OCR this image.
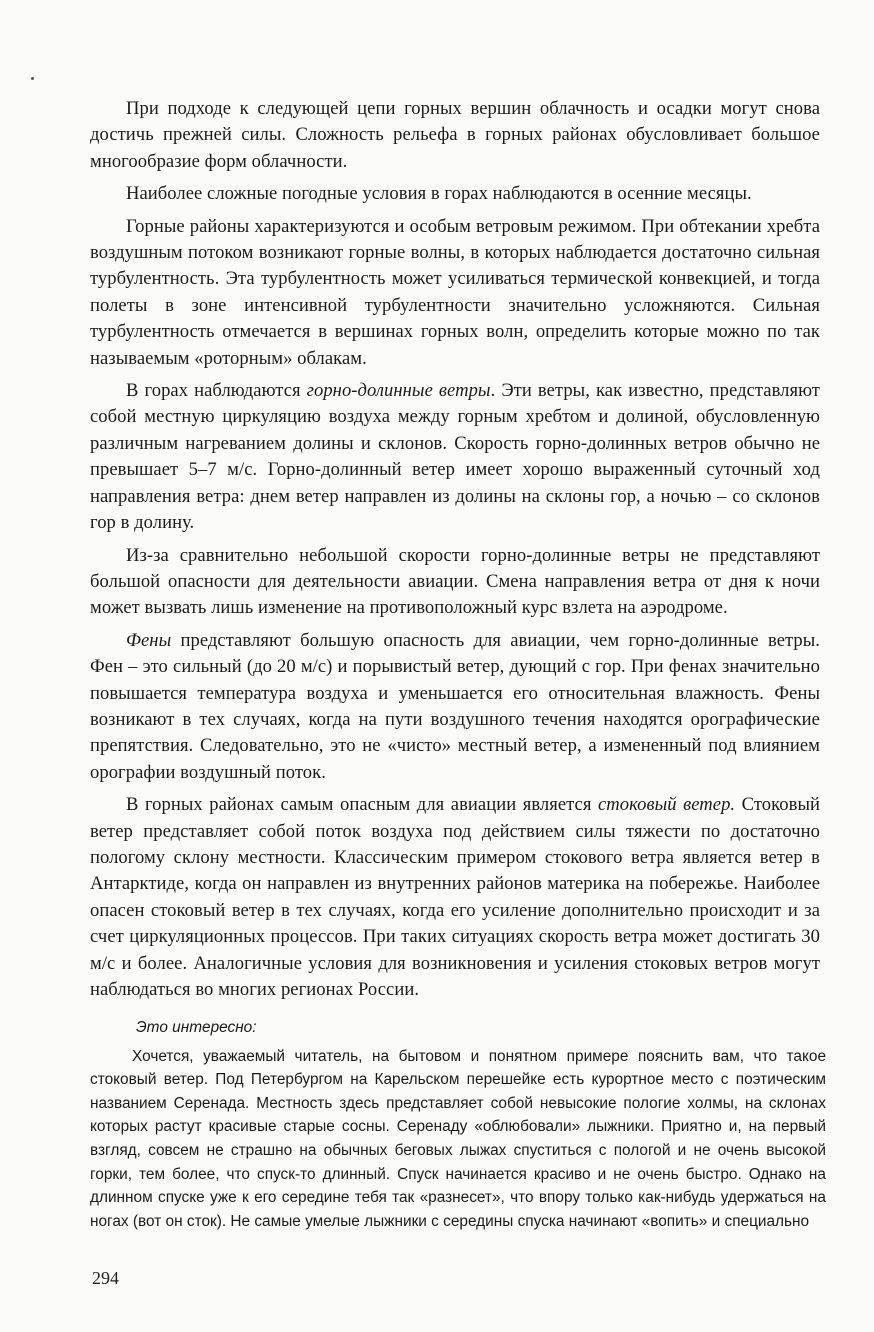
При подходе к следующей цепи горных вершин облачность и осадки могут снова достичь прежней силы. Сложность рельефа в горных районах обусловливает большое многообразие форм облачности.

Наиболее сложные погодные условия в горах наблюдаются в осенние месяцы.

Горные районы характеризуются и особым ветровым режимом. При обтекании хребта воздушным потоком возникают горные волны, в которых наблюдается достаточно сильная турбулентность. Эта турбулентность может усиливаться термической конвекцией, и тогда полеты в зоне интенсивной турбулентности значительно усложняются. Сильная турбулентность отмечается в вершинах горных волн, определить которые можно по так называемым «роторным» облакам.

В горах наблюдаются горно-долинные ветры. Эти ветры, как известно, представляют собой местную циркуляцию воздуха между горным хребтом и долиной, обусловленную различным нагреванием долины и склонов. Скорость горно-долинных ветров обычно не превышает 5–7 м/с. Горно-долинный ветер имеет хорошо выраженный суточный ход направления ветра: днем ветер направлен из долины на склоны гор, а ночью – со склонов гор в долину.

Из-за сравнительно небольшой скорости горно-долинные ветры не представляют большой опасности для деятельности авиации. Смена направления ветра от дня к ночи может вызвать лишь изменение на противоположный курс взлета на аэродроме.

Фены представляют большую опасность для авиации, чем горно-долинные ветры. Фен – это сильный (до 20 м/с) и порывистый ветер, дующий с гор. При фенах значительно повышается температура воздуха и уменьшается его относительная влажность. Фены возникают в тех случаях, когда на пути воздушного течения находятся орографические препятствия. Следовательно, это не «чисто» местный ветер, а измененный под влиянием орографии воздушный поток.

В горных районах самым опасным для авиации является стоковый ветер. Стоковый ветер представляет собой поток воздуха под действием силы тяжести по достаточно пологому склону местности. Классическим примером стокового ветра является ветер в Антарктиде, когда он направлен из внутренних районов материка на побережье. Наиболее опасен стоковый ветер в тех случаях, когда его усиление дополнительно происходит и за счет циркуляционных процессов. При таких ситуациях скорость ветра может достигать 30 м/с и более. Аналогичные условия для возникновения и усиления стоковых ветров могут наблюдаться во многих регионах России.

Это интересно:

Хочется, уважаемый читатель, на бытовом и понятном примере пояснить вам, что такое стоковый ветер. Под Петербургом на Карельском перешейке есть курортное место с поэтическим названием Серенада. Местность здесь представляет собой невысокие пологие холмы, на склонах которых растут красивые старые сосны. Серенаду «облюбовали» лыжники. Приятно и, на первый взгляд, совсем не страшно на обычных беговых лыжах спуститься с пологой и не очень высокой горки, тем более, что спуск-то длинный. Спуск начинается красиво и не очень быстро. Однако на длинном спуске уже к его середине тебя так «разнесет», что впору только как-нибудь удержаться на ногах (вот он сток). Не самые умелые лыжники с середины спуска начинают «вопить» и специально

294
